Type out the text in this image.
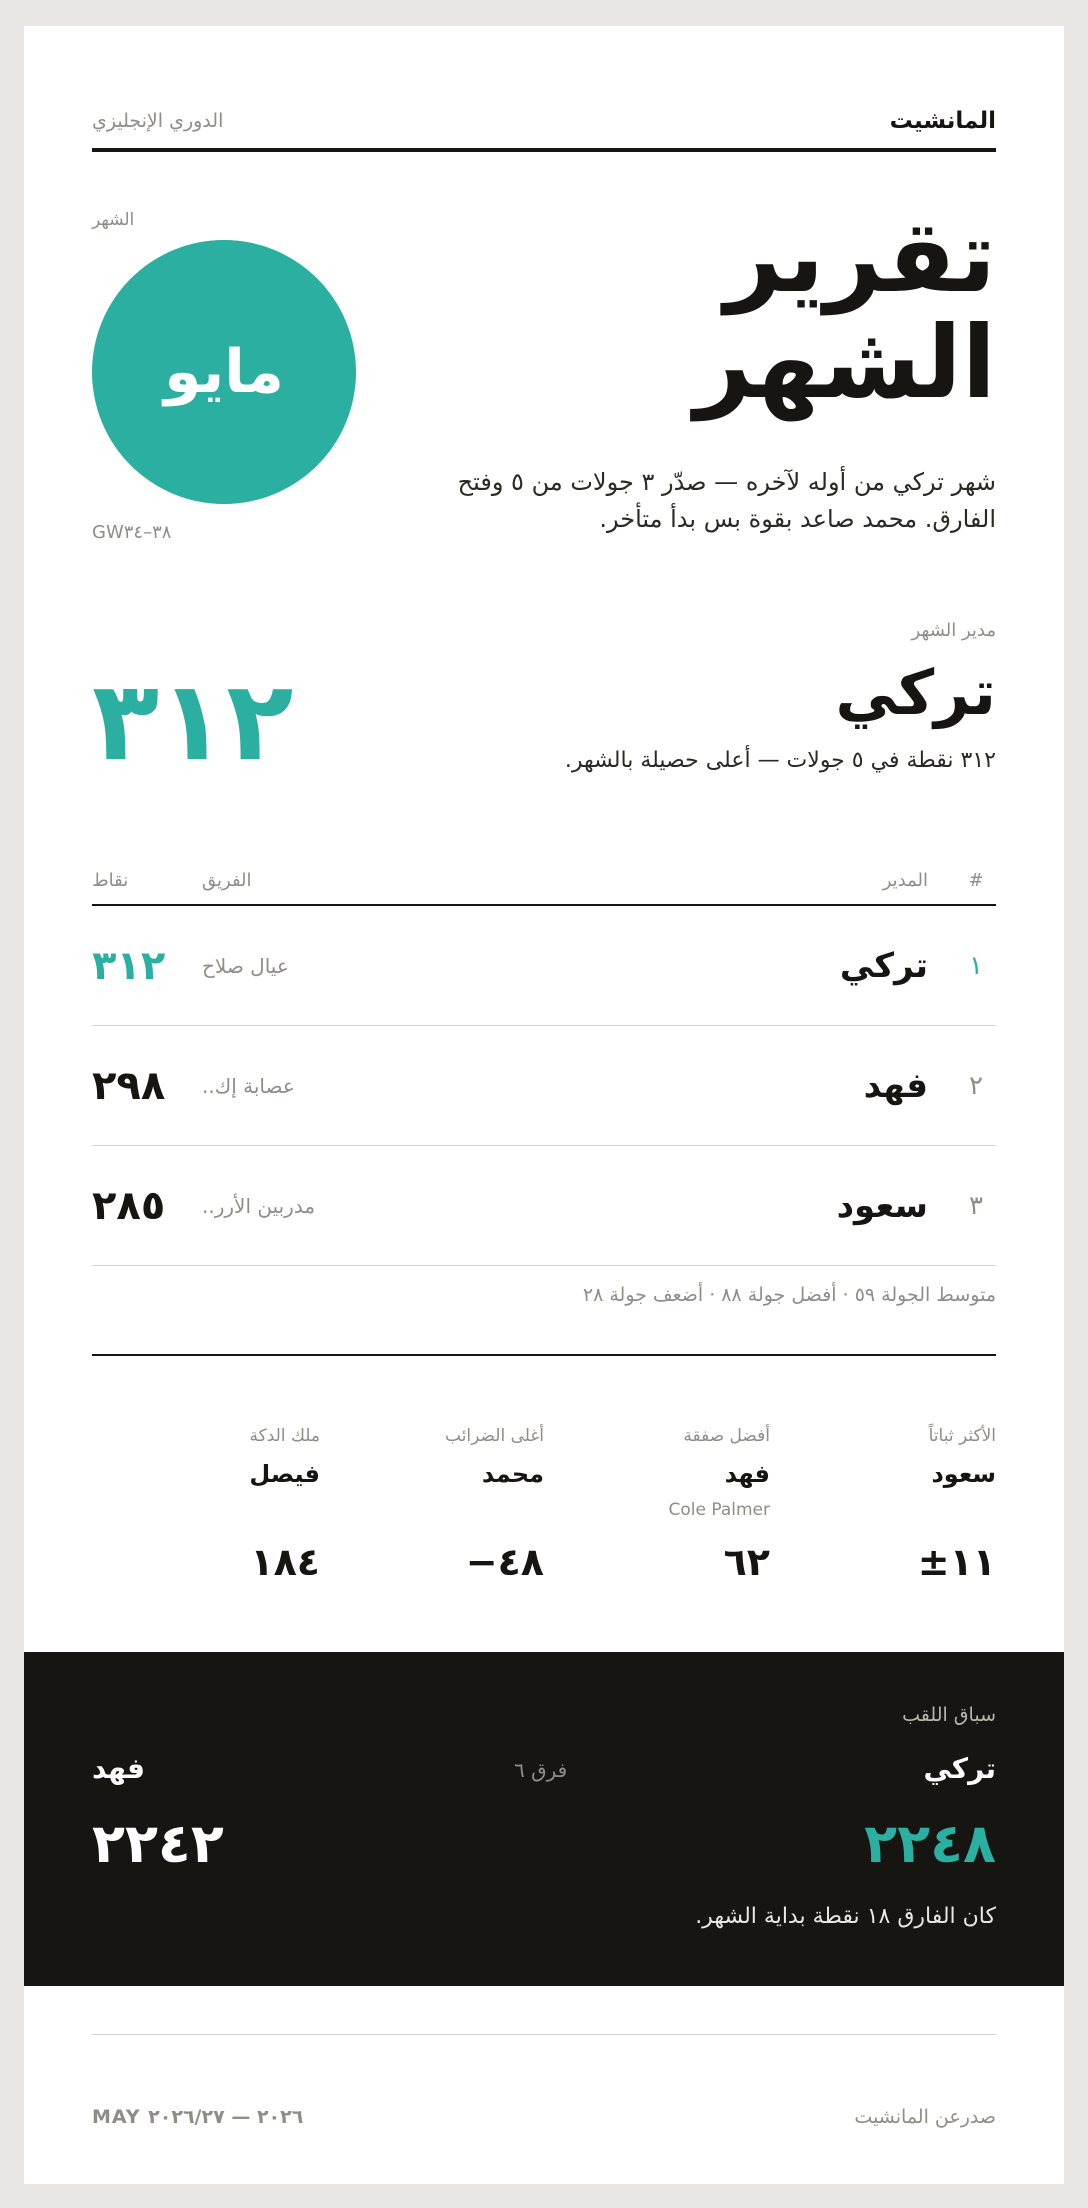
المانشيت
الدوري الإنجليزي
تقرير
الشهر
شهر تركي من أوله لآخره — صدّر ٣ جولات من ٥ وفتح الفارق. محمد صاعد بقوة بس بدأ متأخر.
الشهر
مايو
GW٣٨–٣٤
مدير الشهر
تركي
٣١٢ نقطة في ٥ جولات — أعلى حصيلة بالشهر.
٣١٢
#
المدير
الفريق
نقاط
١
تركي
عيال صلاح
٣١٢
٢
فهد
عصابة إك..
٢٩٨
٣
سعود
مدربين الأرر..
٢٨٥
متوسط الجولة ٥٩ · أفضل جولة ٨٨ · أضعف جولة ٢٨
الأكثر ثباتاً
سعود
±١١
أفضل صفقة
فهد
Cole Palmer
٦٢
أغلى الضرائب
محمد
−٤٨
ملك الدكة
فيصل
١٨٤
سباق اللقب
تركي
فرق ٦
فهد
٢٢٤٨
٢٢٤٢
كان الفارق ١٨ نقطة بداية الشهر.
صدرعن المانشيت
MAY ٢٠٢٦ — ٢٠٢٦/٢٧
